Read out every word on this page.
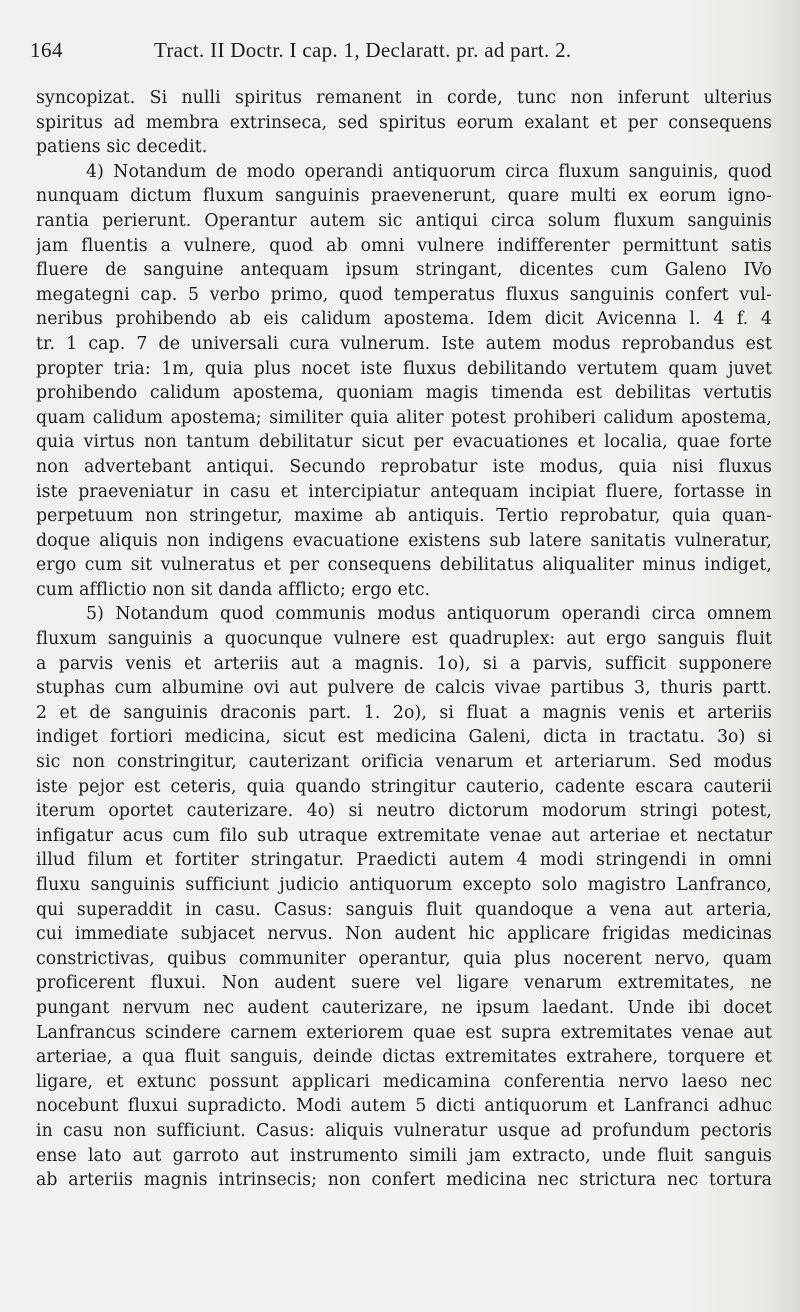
164	Tract. II Doctr. I cap. 1, Declaratt. pr. ad part. 2.
syncopizat. Si nulli spiritus remanent in corde, tunc non inferunt ulterius
spiritus ad membra extrinseca, sed spiritus eorum exalant et per consequens
patiens sic decedit.
4) Notandum de modo operandi antiquorum circa fluxum sanguinis, quod
nunquam dictum fluxum sanguinis praevenerunt, quare multi ex eorum igno-
rantia perierunt. Operantur autem sic antiqui circa solum fluxum sanguinis
jam fluentis a vulnere, quod ab omni vulnere indifferenter permittunt satis
fluere de sanguine antequam ipsum stringant, dicentes cum Galeno IVo
megategni cap. 5 verbo primo, quod temperatus fluxus sanguinis confert vul-
neribus prohibendo ab eis calidum apostema. Idem dicit Avicenna l. 4 f. 4
tr. 1 cap. 7 de universali cura vulnerum. Iste autem modus reprobandus est
propter tria: 1m, quia plus nocet iste fluxus debilitando vertutem quam juvet
prohibendo calidum apostema, quoniam magis timenda est debilitas vertutis
quam calidum apostema; similiter quia aliter potest prohiberi calidum apostema,
quia virtus non tantum debilitatur sicut per evacuationes et localia, quae forte
non advertebant antiqui. Secundo reprobatur iste modus, quia nisi fluxus
iste praeveniatur in casu et intercipiatur antequam incipiat fluere, fortasse in
perpetuum non stringetur, maxime ab antiquis. Tertio reprobatur, quia quan-
doque aliquis non indigens evacuatione existens sub latere sanitatis vulneratur,
ergo cum sit vulneratus et per consequens debilitatus aliqualiter minus indiget,
cum afflictio non sit danda afflicto; ergo etc.
5) Notandum quod communis modus antiquorum operandi circa omnem
fluxum sanguinis a quocunque vulnere est quadruplex: aut ergo sanguis fluit
a parvis venis et arteriis aut a magnis. 1o), si a parvis, sufficit supponere
stuphas cum albumine ovi aut pulvere de calcis vivae partibus 3, thuris partt.
2 et de sanguinis draconis part. 1. 2o), si fluat a magnis venis et arteriis
indiget fortiori medicina, sicut est medicina Galeni, dicta in tractatu. 3o) si
sic non constringitur, cauterizant orificia venarum et arteriarum. Sed modus
iste pejor est ceteris, quia quando stringitur cauterio, cadente escara cauterii
iterum oportet cauterizare. 4o) si neutro dictorum modorum stringi potest,
infigatur acus cum filo sub utraque extremitate venae aut arteriae et nectatur
illud filum et fortiter stringatur. Praedicti autem 4 modi stringendi in omni
fluxu sanguinis sufficiunt judicio antiquorum excepto solo magistro Lanfranco,
qui superaddit in casu. Casus: sanguis fluit quandoque a vena aut arteria,
cui immediate subjacet nervus. Non audent hic applicare frigidas medicinas
constrictivas, quibus communiter operantur, quia plus nocerent nervo, quam
proficerent fluxui. Non audent suere vel ligare venarum extremitates, ne
pungant nervum nec audent cauterizare, ne ipsum laedant. Unde ibi docet
Lanfrancus scindere carnem exteriorem quae est supra extremitates venae aut
arteriae, a qua fluit sanguis, deinde dictas extremitates extrahere, torquere et
ligare, et extunc possunt applicari medicamina conferentia nervo laeso nec
nocebunt fluxui supradicto. Modi autem 5 dicti antiquorum et Lanfranci adhuc
in casu non sufficiunt. Casus: aliquis vulneratur usque ad profundum pectoris
ense lato aut garroto aut instrumento simili jam extracto, unde fluit sanguis
ab arteriis magnis intrinsecis; non confert medicina nec strictura nec tortura
